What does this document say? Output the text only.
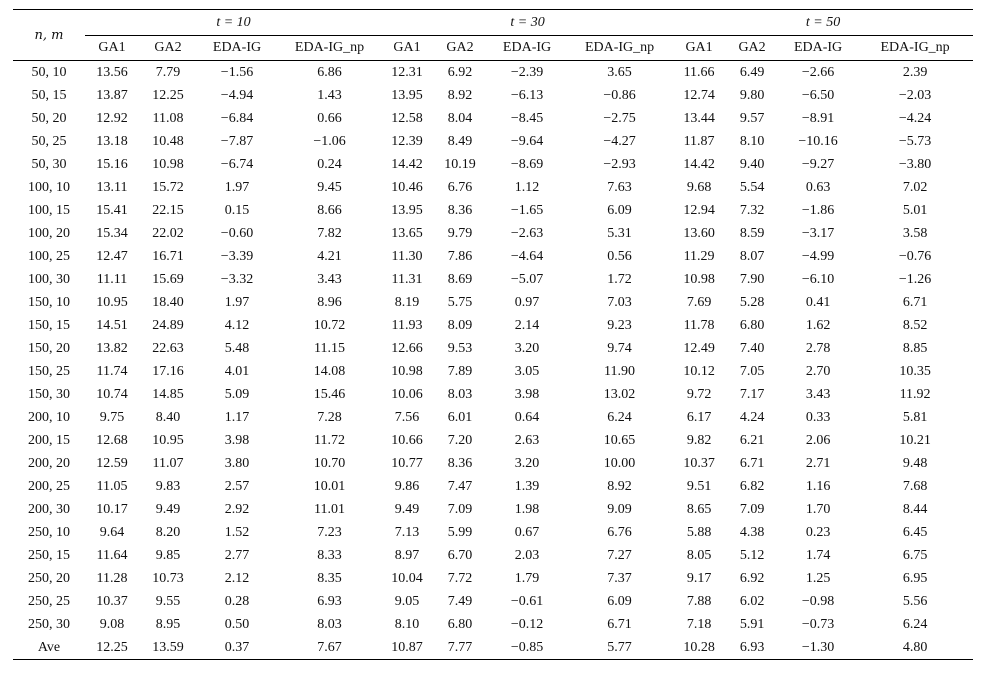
n, m	t = 10				t = 30				t = 50			
	GA1	GA2	EDA-IG	EDA-IG_np	GA1	GA2	EDA-IG	EDA-IG_np	GA1	GA2	EDA-IG	EDA-IG_np
50, 10	13.56	7.79	−1.56	6.86	12.31	6.92	−2.39	3.65	11.66	6.49	−2.66	2.39
50, 15	13.87	12.25	−4.94	1.43	13.95	8.92	−6.13	−0.86	12.74	9.80	−6.50	−2.03
50, 20	12.92	11.08	−6.84	0.66	12.58	8.04	−8.45	−2.75	13.44	9.57	−8.91	−4.24
50, 25	13.18	10.48	−7.87	−1.06	12.39	8.49	−9.64	−4.27	11.87	8.10	−10.16	−5.73
50, 30	15.16	10.98	−6.74	0.24	14.42	10.19	−8.69	−2.93	14.42	9.40	−9.27	−3.80
100, 10	13.11	15.72	1.97	9.45	10.46	6.76	1.12	7.63	9.68	5.54	0.63	7.02
100, 15	15.41	22.15	0.15	8.66	13.95	8.36	−1.65	6.09	12.94	7.32	−1.86	5.01
100, 20	15.34	22.02	−0.60	7.82	13.65	9.79	−2.63	5.31	13.60	8.59	−3.17	3.58
100, 25	12.47	16.71	−3.39	4.21	11.30	7.86	−4.64	0.56	11.29	8.07	−4.99	−0.76
100, 30	11.11	15.69	−3.32	3.43	11.31	8.69	−5.07	1.72	10.98	7.90	−6.10	−1.26
150, 10	10.95	18.40	1.97	8.96	8.19	5.75	0.97	7.03	7.69	5.28	0.41	6.71
150, 15	14.51	24.89	4.12	10.72	11.93	8.09	2.14	9.23	11.78	6.80	1.62	8.52
150, 20	13.82	22.63	5.48	11.15	12.66	9.53	3.20	9.74	12.49	7.40	2.78	8.85
150, 25	11.74	17.16	4.01	14.08	10.98	7.89	3.05	11.90	10.12	7.05	2.70	10.35
150, 30	10.74	14.85	5.09	15.46	10.06	8.03	3.98	13.02	9.72	7.17	3.43	11.92
200, 10	9.75	8.40	1.17	7.28	7.56	6.01	0.64	6.24	6.17	4.24	0.33	5.81
200, 15	12.68	10.95	3.98	11.72	10.66	7.20	2.63	10.65	9.82	6.21	2.06	10.21
200, 20	12.59	11.07	3.80	10.70	10.77	8.36	3.20	10.00	10.37	6.71	2.71	9.48
200, 25	11.05	9.83	2.57	10.01	9.86	7.47	1.39	8.92	9.51	6.82	1.16	7.68
200, 30	10.17	9.49	2.92	11.01	9.49	7.09	1.98	9.09	8.65	7.09	1.70	8.44
250, 10	9.64	8.20	1.52	7.23	7.13	5.99	0.67	6.76	5.88	4.38	0.23	6.45
250, 15	11.64	9.85	2.77	8.33	8.97	6.70	2.03	7.27	8.05	5.12	1.74	6.75
250, 20	11.28	10.73	2.12	8.35	10.04	7.72	1.79	7.37	9.17	6.92	1.25	6.95
250, 25	10.37	9.55	0.28	6.93	9.05	7.49	−0.61	6.09	7.88	6.02	−0.98	5.56
250, 30	9.08	8.95	0.50	8.03	8.10	6.80	−0.12	6.71	7.18	5.91	−0.73	6.24
Ave	12.25	13.59	0.37	7.67	10.87	7.77	−0.85	5.77	10.28	6.93	−1.30	4.80
